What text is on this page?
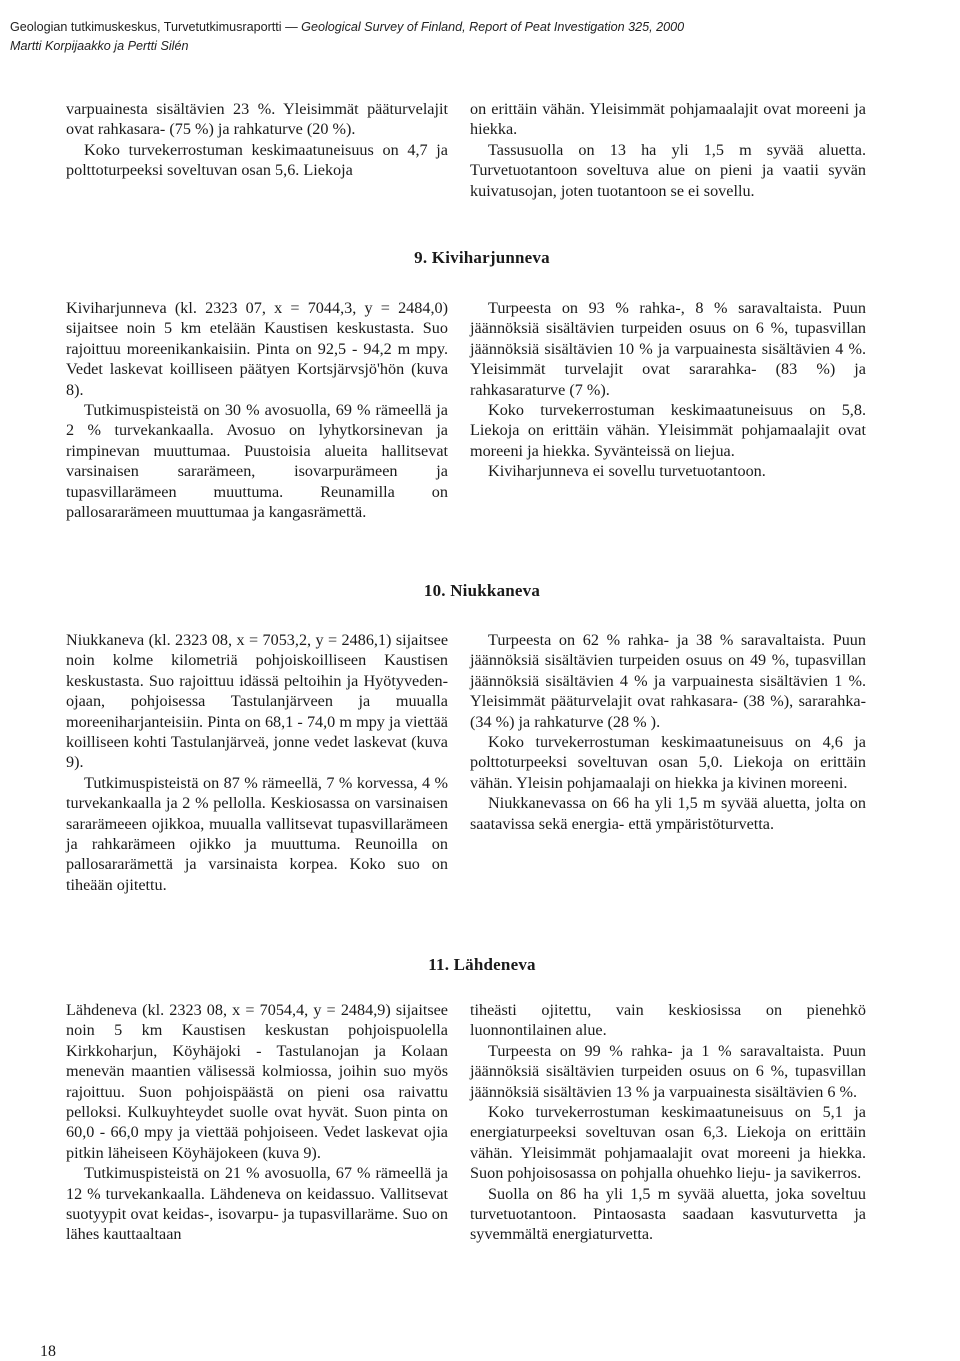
Geologian tutkimuskeskus, Turvetutkimusraportti — Geological Survey of Finland, Report of Peat Investigation 325, 2000
Martti Korpijaakko ja Pertti Silén

varpuainesta sisältävien 23 %. Yleisimmät pääturvelajit ovat rahkasara- (75 %) ja rahkaturve (20 %).

Koko turvekerrostuman keskimaatuneisuus on 4,7 ja polttoturpeeksi soveltuvan osan 5,6. Liekoja

on erittäin vähän. Yleisimmät pohjamaalajit ovat moreeni ja hiekka.

Tassusuolla on 13 ha yli 1,5 m syvää aluetta. Turvetuotantoon soveltuva alue on pieni ja vaatii syvän kuivatusojan, joten tuotantoon se ei sovellu.

9. Kiviharjunneva

Kiviharjunneva (kl. 2323 07, x = 7044,3, y = 2484,0) sijaitsee noin 5 km etelään Kaustisen keskustasta. Suo rajoittuu moreenikankaisiin. Pinta on 92,5 - 94,2 m mpy. Vedet laskevat koilliseen päätyen Kortsjärvsjö'hön (kuva 8).

Tutkimuspisteistä on 30 % avosuolla, 69 % rämeellä ja 2 % turvekankaalla. Avosuo on lyhytkorsinevan ja rimpinevan muuttumaa. Puustoisia alueita hallitsevat varsinaisen sararämeen, isovarpurämeen ja tupasvillarämeen muuttuma. Reunamilla on pallosararämeen muuttumaa ja kangasrämettä.

Turpeesta on 93 % rahka-, 8 % saravaltaista. Puun jäännöksiä sisältävien turpeiden osuus on 6 %, tupasvillan jäännöksiä sisältävien 10 % ja varpuainesta sisältävien 4 %. Yleisimmät turvelajit ovat sararahka- (83 %) ja rahkasaraturve (7 %).

Koko turvekerrostuman keskimaatuneisuus on 5,8. Liekoja on erittäin vähän. Yleisimmät pohjamaalajit ovat moreeni ja hiekka. Syvänteissä on liejua.

Kiviharjunneva ei sovellu turvetuotantoon.

10. Niukkaneva

Niukkaneva (kl. 2323 08, x = 7053,2, y = 2486,1) sijaitsee noin kolme kilometriä pohjoiskoilliseen Kaustisen keskustasta. Suo rajoittuu idässä peltoihin ja Hyötyveden-ojaan, pohjoisessa Tastulanjärveen ja muualla moreeniharjanteisiin. Pinta on 68,1 - 74,0 m mpy ja viettää koilliseen kohti Tastulanjärveä, jonne vedet laskevat (kuva 9).

Tutkimuspisteistä on 87 % rämeellä, 7 % korvessa, 4 % turvekankaalla ja 2 % pellolla. Keskiosassa on varsinaisen sararämeeen ojikkoa, muualla vallitsevat tupasvillarämeen ja rahkarämeen ojikko ja muuttuma. Reunoilla on pallosararämettä ja varsinaista korpea. Koko suo on tiheään ojitettu.

Turpeesta on 62 % rahka- ja 38 % saravaltaista. Puun jäännöksiä sisältävien turpeiden osuus on 49 %, tupasvillan jäännöksiä sisältävien 4 % ja varpuainesta sisältävien 1 %. Yleisimmät pääturvelajit ovat rahkasara- (38 %), sararahka- (34 %) ja rahkaturve (28 % ).

Koko turvekerrostuman keskimaatuneisuus on 4,6 ja polttoturpeeksi soveltuvan osan 5,0. Liekoja on erittäin vähän. Yleisin pohjamaalaji on hiekka ja kivinen moreeni.

Niukkanevassa on 66 ha yli 1,5 m syvää aluetta, jolta on saatavissa sekä energia- että ympäristöturvetta.

11. Lähdeneva

Lähdeneva (kl. 2323 08, x = 7054,4, y = 2484,9) sijaitsee noin 5 km Kaustisen keskustan pohjoispuolella Kirkkoharjun, Köyhäjoki - Tastulanojan ja Kolaan menevän maantien välisessä kolmiossa, joihin suo myös rajoittuu. Suon pohjoispäästä on pieni osa raivattu pelloksi. Kulkuyhteydet suolle ovat hyvät. Suon pinta on 60,0 - 66,0 mpy ja viettää pohjoiseen. Vedet laskevat ojia pitkin läheiseen Köyhäjokeen (kuva 9).

Tutkimuspisteistä on 21 % avosuolla, 67 % rämeellä ja 12 % turvekankaalla. Lähdeneva on keidassuo. Vallitsevat suotyypit ovat keidas-, isovarpu- ja tupasvillaräme. Suo on lähes kauttaaltaan

tiheästi ojitettu, vain keskiosissa on pienehkö luonnontilainen alue.

Turpeesta on 99 % rahka- ja 1 % saravaltaista. Puun jäännöksiä sisältävien turpeiden osuus on 6 %, tupasvillan jäännöksiä sisältävien 13 % ja varpuainesta sisältävien 6 %.

Koko turvekerrostuman keskimaatuneisuus on 5,1 ja energiaturpeeksi soveltuvan osan 6,3. Liekoja on erittäin vähän. Yleisimmät pohjamaalajit ovat moreeni ja hiekka. Suon pohjoisosassa on pohjalla ohuehko lieju- ja savikerros.

Suolla on 86 ha yli 1,5 m syvää aluetta, joka soveltuu turvetuotantoon. Pintaosasta saadaan kasvuturvetta ja syvemmältä energiaturvetta.

18
